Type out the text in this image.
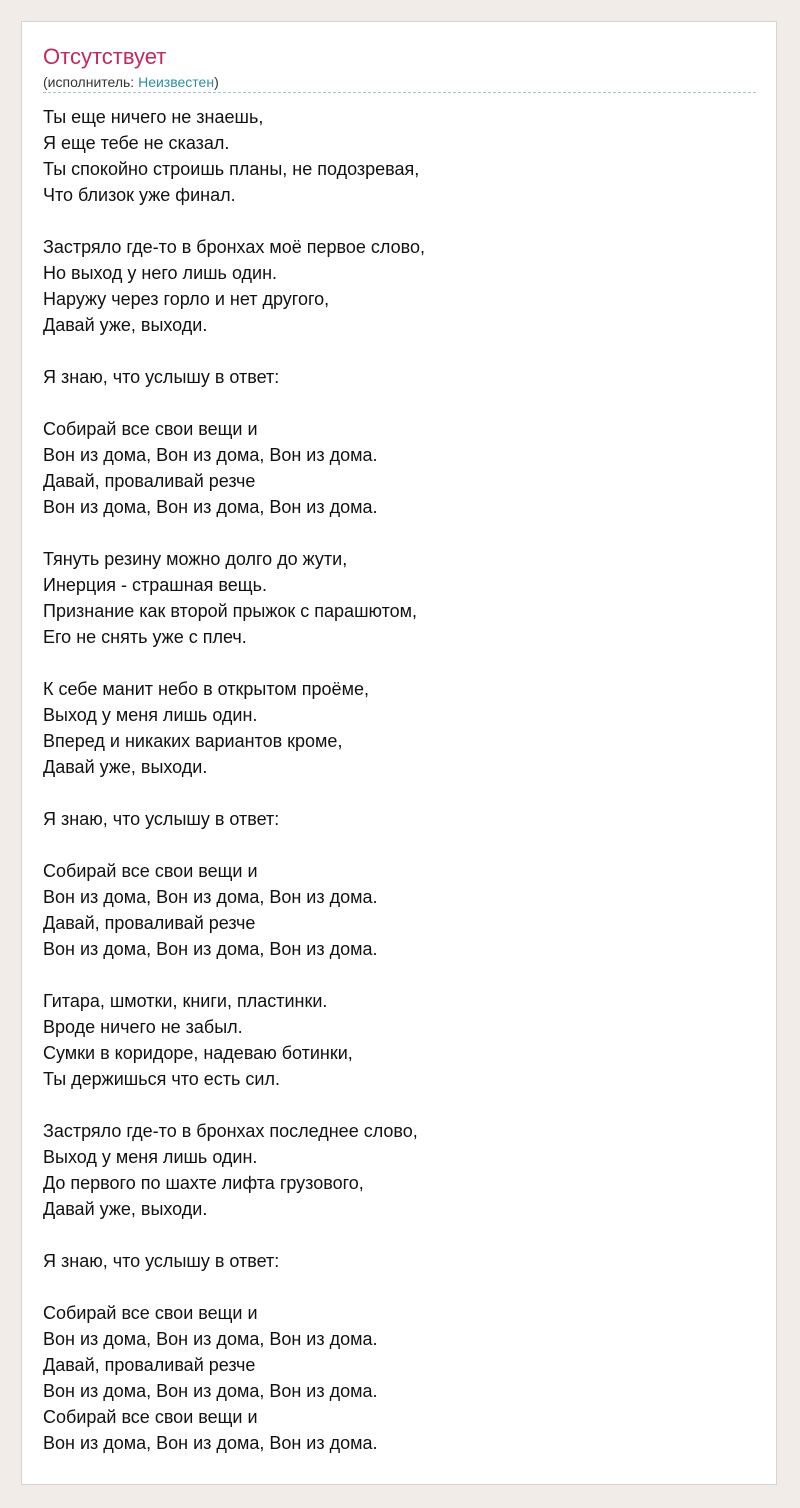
Отсутствует
(исполнитель: Неизвестен)
Ты еще ничего не знаешь,
Я еще тебе не сказал.
Ты спокойно строишь планы, не подозревая,
Что близок уже финал.
Застряло где-то в бронхах моё первое слово,
Но выход у него лишь один.
Наружу через горло и нет другого,
Давай уже, выходи.
Я знаю, что услышу в ответ:
Собирай все свои вещи и
Вон из дома, Вон из дома, Вон из дома.
Давай, проваливай резче
Вон из дома, Вон из дома, Вон из дома.
Тянуть резину можно долго до жути,
Инерция - страшная вещь.
Признание как второй прыжок с парашютом,
Его не снять уже с плеч.
К себе манит небо в открытом проёме,
Выход у меня лишь один.
Вперед и никаких вариантов кроме,
Давай уже, выходи.
Я знаю, что услышу в ответ:
Собирай все свои вещи и
Вон из дома, Вон из дома, Вон из дома.
Давай, проваливай резче
Вон из дома, Вон из дома, Вон из дома.
Гитара, шмотки, книги, пластинки.
Вроде ничего не забыл.
Сумки в коридоре, надеваю ботинки,
Ты держишься что есть сил.
Застряло где-то в бронхах последнее слово,
Выход у меня лишь один.
До первого по шахте лифта грузового,
Давай уже, выходи.
Я знаю, что услышу в ответ:
Собирай все свои вещи и
Вон из дома, Вон из дома, Вон из дома.
Давай, проваливай резче
Вон из дома, Вон из дома, Вон из дома.
Собирай все свои вещи и
Вон из дома, Вон из дома, Вон из дома.
